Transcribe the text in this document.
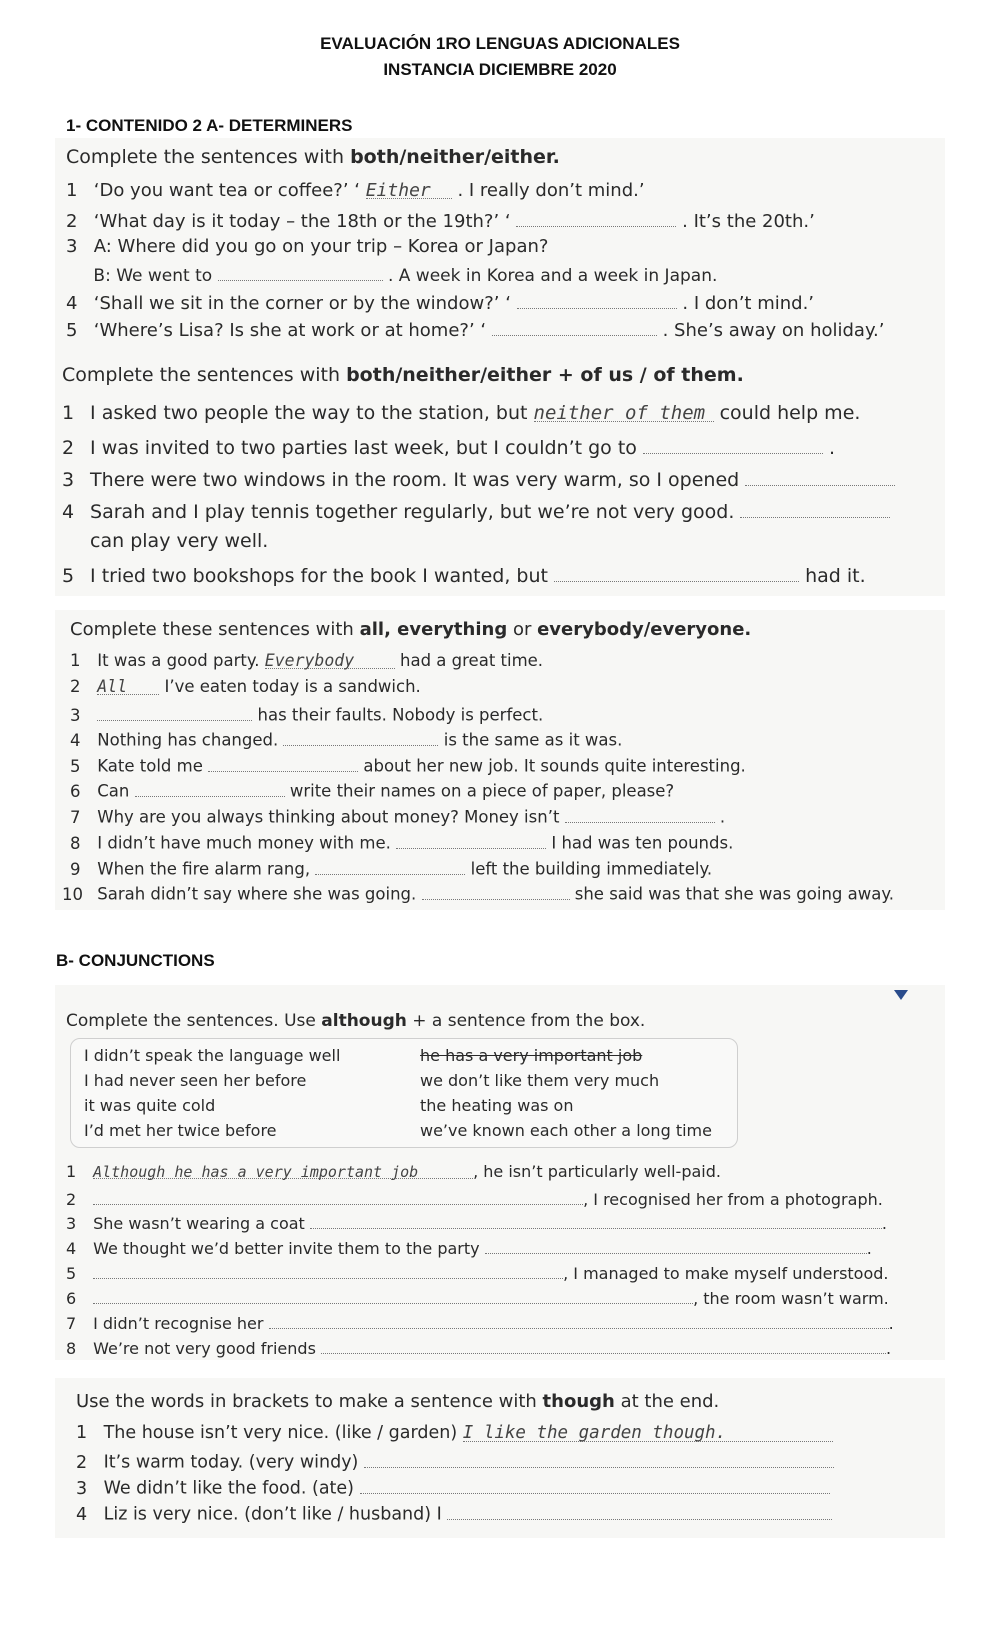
EVALUACIÓN 1RO LENGUAS ADICIONALES
INSTANCIA DICIEMBRE 2020
1- CONTENIDO 2 A- DETERMINERS
Complete the sentences with both/neither/either.
1 ‘Do you want tea or coffee?’ ‘ Either . I really don’t mind.’
2 ‘What day is it today – the 18th or the 19th?’ ‘	. It’s the 20th.’
3 A: Where did you go on your trip – Korea or Japan?
B: We went to	. A week in Korea and a week in Japan.
4 ‘Shall we sit in the corner or by the window?’ ‘	. I don’t mind.’
5 ‘Where’s Lisa? Is she at work or at home?’ ‘	. She’s away on holiday.’
Complete the sentences with both/neither/either + of us / of them.
1 I asked two people the way to the station, but neither of them could help me.
2 I was invited to two parties last week, but I couldn’t go to	.
3 There were two windows in the room. It was very warm, so I opened
4 Sarah and I play tennis together regularly, but we’re not very good.
can play very well.
5 I tried two bookshops for the book I wanted, but	had it.
Complete these sentences with all, everything or everybody/everyone.
1 It was a good party. Everybody	had a great time.
2 All I’ve eaten today is a sandwich.
3	has their faults. Nobody is perfect.
4 Nothing has changed.	is the same as it was.
5 Kate told me	about her new job. It sounds quite interesting.
6 Can	write their names on a piece of paper, please?
7 Why are you always thinking about money? Money isn’t	.
8 I didn’t have much money with me.	I had was ten pounds.
9 When the fire alarm rang,	left the building immediately.
10 Sarah didn’t say where she was going.	she said was that she was going away.
B- CONJUNCTIONS
Complete the sentences. Use although + a sentence from the box.
I didn’t speak the language well
I had never seen her before
it was quite cold
I’d met her twice before
he has a very important job
we don’t like them very much
the heating was on
we’ve known each other a long time
1 Although he has a very important job	, he isn’t particularly well-paid.
2	, I recognised her from a photograph.
3 She wasn’t wearing a coat	.
4 We thought we’d better invite them to the party	.
5	, I managed to make myself understood.
6	, the room wasn’t warm.
7 I didn’t recognise her	.
8 We’re not very good friends	.
Use the words in brackets to make a sentence with though at the end.
1 The house isn’t very nice. (like / garden) I like the garden though.
2 It’s warm today. (very windy)
3 We didn’t like the food. (ate)
4 Liz is very nice. (don’t like / husband) I
